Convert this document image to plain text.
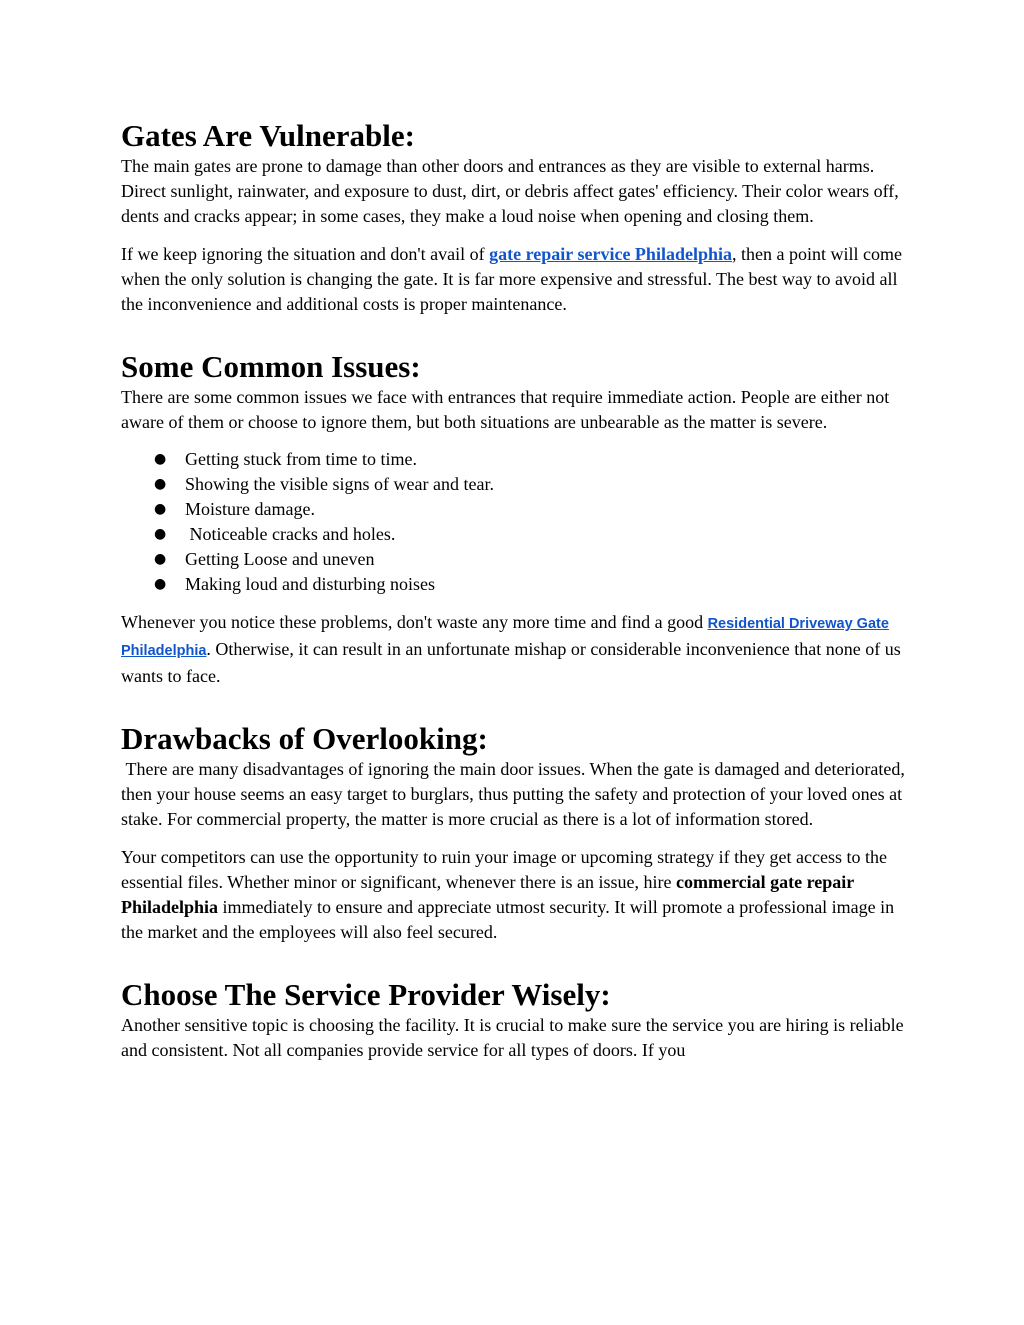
Gates Are Vulnerable:

The main gates are prone to damage than other doors and entrances as they are visible to external harms. Direct sunlight, rainwater, and exposure to dust, dirt, or debris affect gates' efficiency. Their color wears off, dents and cracks appear; in some cases, they make a loud noise when opening and closing them.

If we keep ignoring the situation and don't avail of gate repair service Philadelphia, then a point will come when the only solution is changing the gate. It is far more expensive and stressful. The best way to avoid all the inconvenience and additional costs is proper maintenance.

Some Common Issues:

There are some common issues we face with entrances that require immediate action. People are either not aware of them or choose to ignore them, but both situations are unbearable as the matter is severe.

● Getting stuck from time to time.
● Showing the visible signs of wear and tear.
● Moisture damage.
● Noticeable cracks and holes.
● Getting Loose and uneven
● Making loud and disturbing noises

Whenever you notice these problems, don't waste any more time and find a good Residential Driveway Gate Philadelphia. Otherwise, it can result in an unfortunate mishap or considerable inconvenience that none of us wants to face.

Drawbacks of Overlooking:

There are many disadvantages of ignoring the main door issues. When the gate is damaged and deteriorated, then your house seems an easy target to burglars, thus putting the safety and protection of your loved ones at stake. For commercial property, the matter is more crucial as there is a lot of information stored.

Your competitors can use the opportunity to ruin your image or upcoming strategy if they get access to the essential files. Whether minor or significant, whenever there is an issue, hire commercial gate repair Philadelphia immediately to ensure and appreciate utmost security. It will promote a professional image in the market and the employees will also feel secured.

Choose The Service Provider Wisely:

Another sensitive topic is choosing the facility. It is crucial to make sure the service you are hiring is reliable and consistent. Not all companies provide service for all types of doors. If you
